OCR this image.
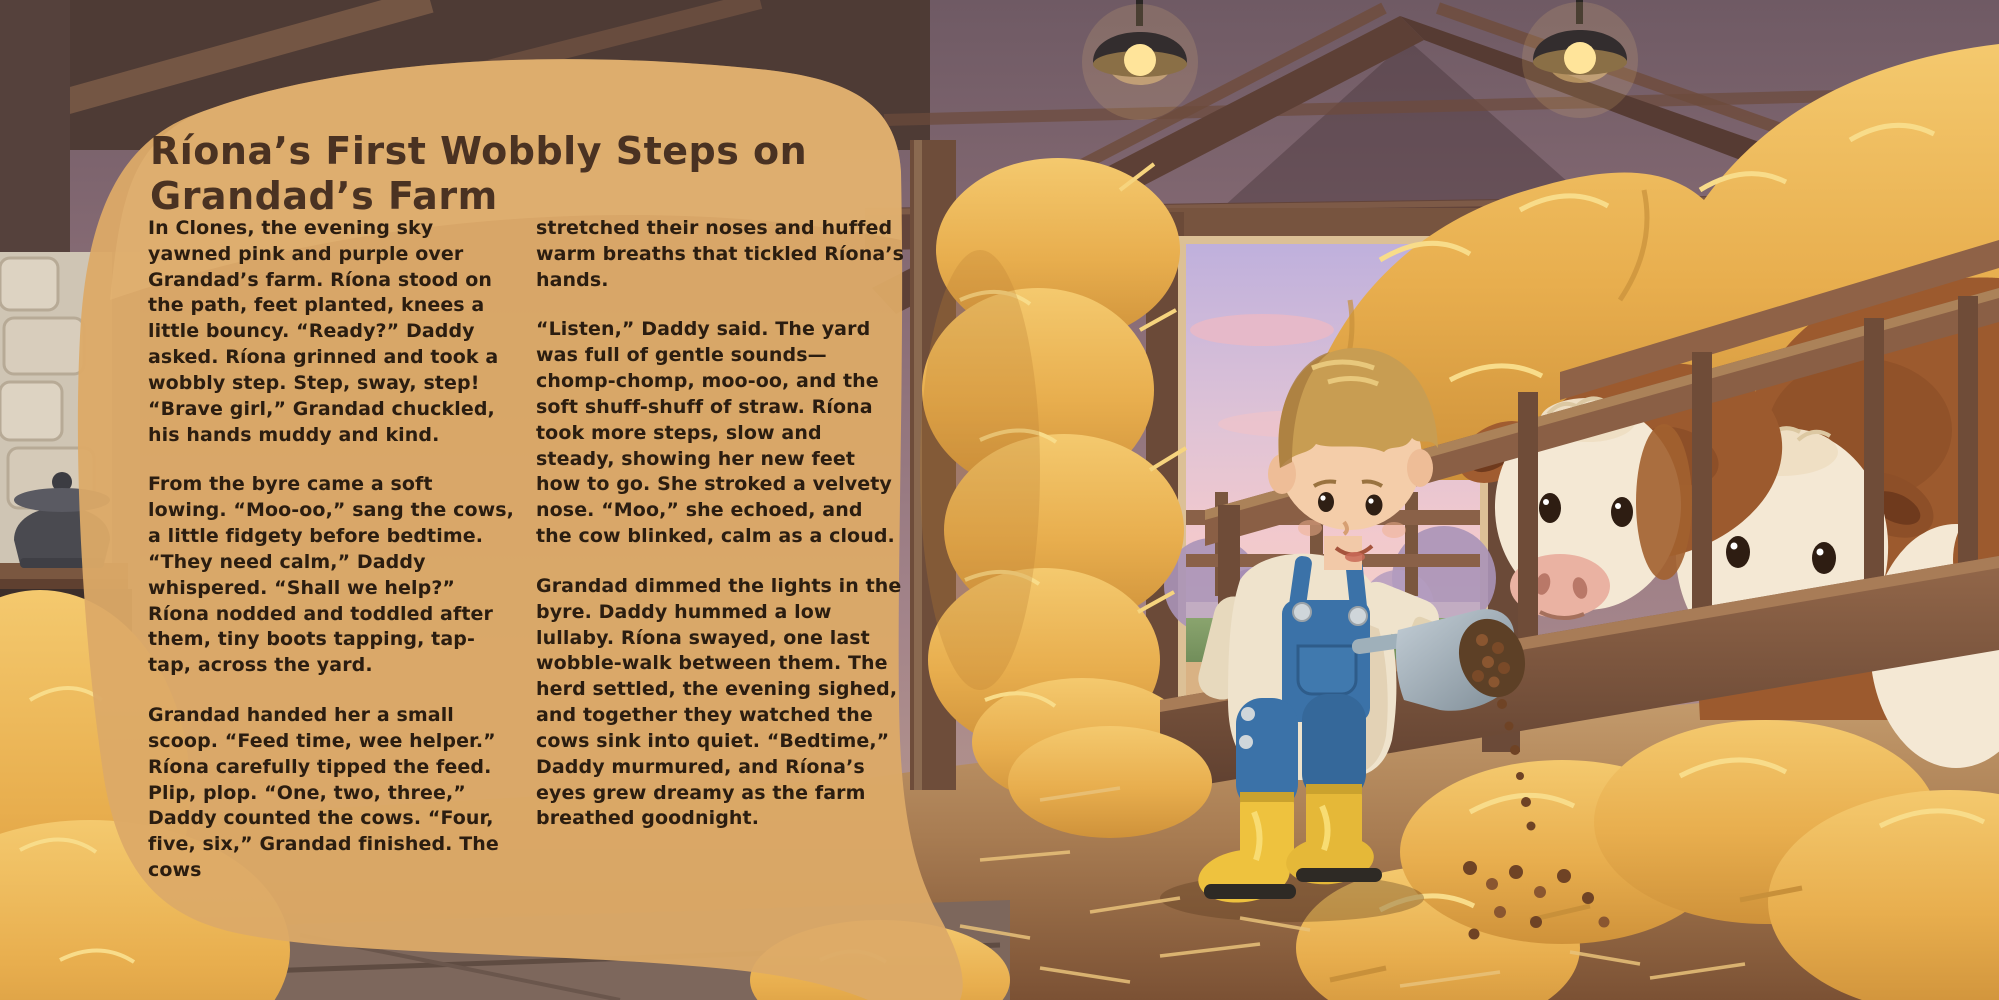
Ríona’s First Wobbly Steps on
Grandad’s Farm

In Clones, the evening sky yawned pink and purple over Grandad’s farm. Ríona stood on the path, feet planted, knees a little bouncy. “Ready?” Daddy asked. Ríona grinned and took a wobbly step. Step, sway, step! “Brave girl,” Grandad chuckled, his hands muddy and kind.

From the byre came a soft lowing. “Moo-oo,” sang the cows, a little fidgety before bedtime. “They need calm,” Daddy whispered. “Shall we help?” Ríona nodded and toddled after them, tiny boots tapping, tap-tap, across the yard.

Grandad handed her a small scoop. “Feed time, wee helper.” Ríona carefully tipped the feed. Plip, plop. “One, two, three,” Daddy counted the cows. “Four, five, six,” Grandad finished. The cows

stretched their noses and huffed warm breaths that tickled Ríona’s hands.

“Listen,” Daddy said. The yard was full of gentle sounds—chomp-chomp, moo-oo, and the soft shuff-shuff of straw. Ríona took more steps, slow and steady, showing her new feet how to go. She stroked a velvety nose. “Moo,” she echoed, and the cow blinked, calm as a cloud.

Grandad dimmed the lights in the byre. Daddy hummed a low lullaby. Ríona swayed, one last wobble-walk between them. The herd settled, the evening sighed, and together they watched the cows sink into quiet. “Bedtime,” Daddy murmured, and Ríona’s eyes grew dreamy as the farm breathed goodnight.
